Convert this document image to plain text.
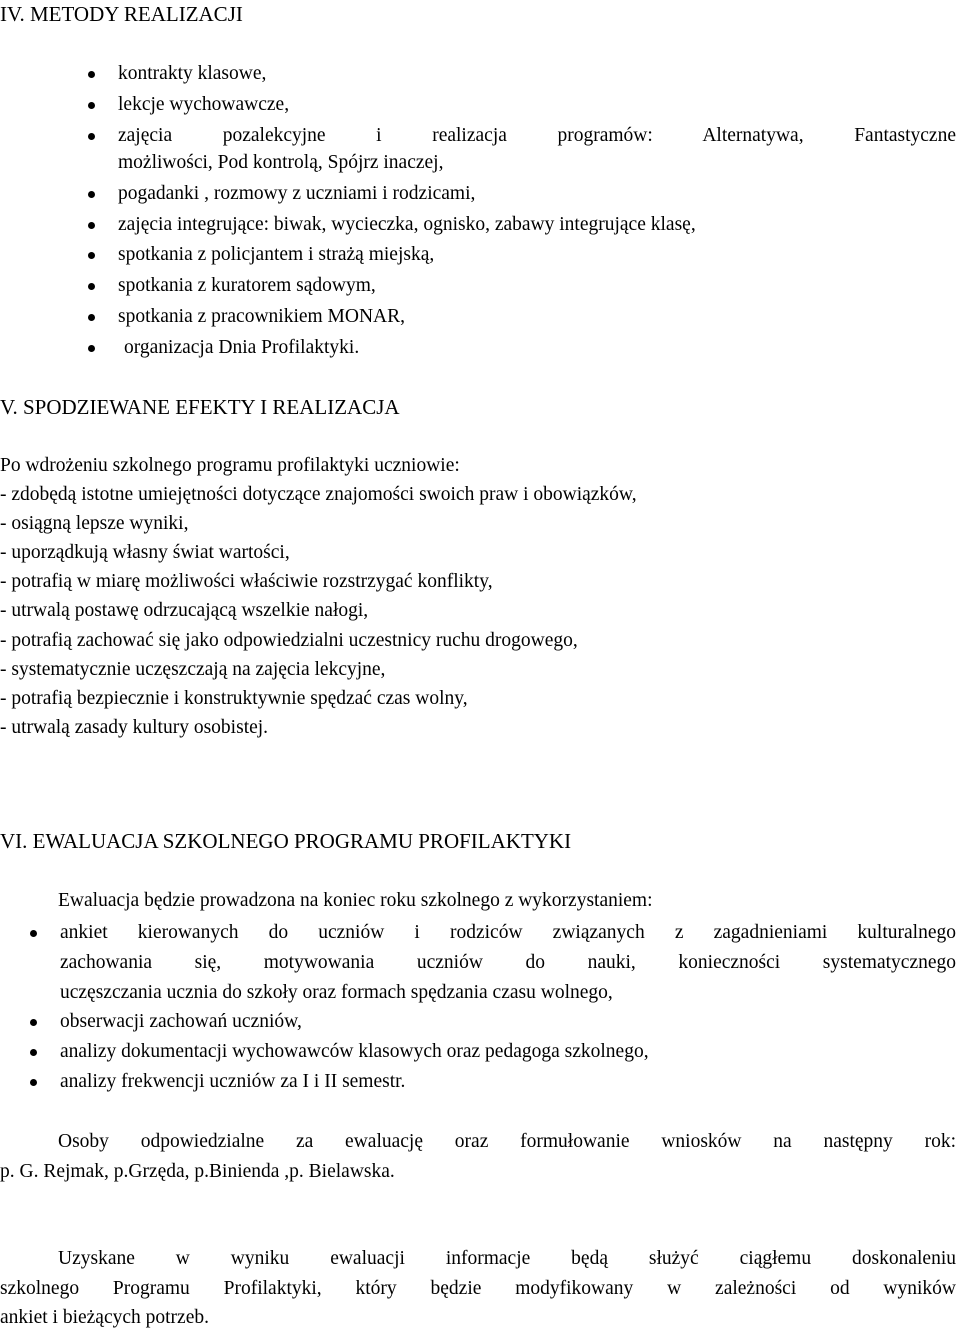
IV. METODY REALIZACJI
kontrakty klasowe,
lekcje wychowawcze,
zajęcia pozalekcyjne i realizacja programów: Alternatywa, Fantastyczne
możliwości, Pod kontrolą, Spójrz inaczej,
pogadanki , rozmowy z uczniami i rodzicami,
zajęcia integrujące: biwak, wycieczka, ognisko, zabawy integrujące klasę,
spotkania z policjantem i strażą miejską,
spotkania z kuratorem sądowym,
spotkania z pracownikiem MONAR,
organizacja Dnia Profilaktyki.
V. SPODZIEWANE EFEKTY I REALIZACJA
Po wdrożeniu szkolnego programu profilaktyki uczniowie:
- zdobędą istotne umiejętności dotyczące znajomości swoich praw i obowiązków,
- osiągną lepsze wyniki,
- uporządkują własny świat wartości,
- potrafią w miarę możliwości właściwie rozstrzygać konflikty,
- utrwalą postawę odrzucającą wszelkie nałogi,
- potrafią zachować się jako odpowiedzialni uczestnicy ruchu drogowego,
- systematycznie uczęszczają na zajęcia lekcyjne,
- potrafią bezpiecznie i konstruktywnie spędzać czas wolny,
- utrwalą zasady kultury osobistej.
VI. EWALUACJA SZKOLNEGO PROGRAMU PROFILAKTYKI
Ewaluacja będzie prowadzona na koniec roku szkolnego z wykorzystaniem:
ankiet kierowanych do uczniów i rodziców związanych z zagadnieniami kulturalnego
zachowania się, motywowania uczniów do nauki, konieczności systematycznego
uczęszczania ucznia do szkoły oraz formach spędzania czasu wolnego,
obserwacji zachowań uczniów,
analizy dokumentacji wychowawców klasowych oraz pedagoga szkolnego,
analizy frekwencji uczniów za I i II semestr.
Osoby odpowiedzialne za ewaluację oraz formułowanie wniosków na następny rok:
p. G. Rejmak, p.Grzęda, p.Binienda ,p. Bielawska.
Uzyskane w wyniku ewaluacji informacje będą służyć ciągłemu doskonaleniu
szkolnego Programu Profilaktyki, który będzie modyfikowany w zależności od wyników
ankiet i bieżących potrzeb.
